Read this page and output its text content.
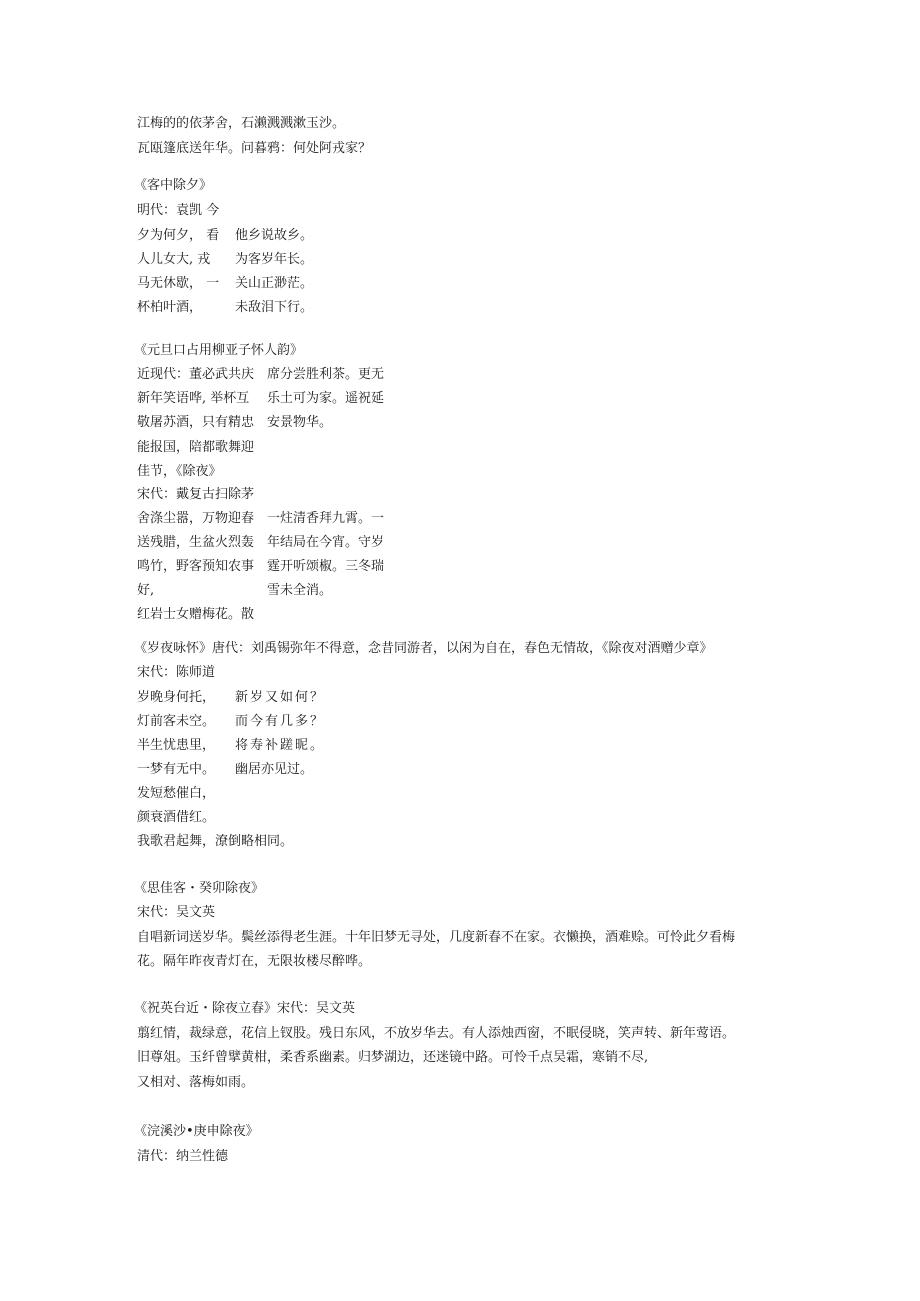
江梅的的依茅舍，石濑溅溅漱玉沙。
瓦瓯篷底送年华。问暮鸦：何处阿戎家？
《客中除夕》
明代：袁凯 今
夕为何夕， 看
人儿女大, 戎
马无休歇， 一
杯柏叶酒，
他乡说故乡。
为客岁年长。
关山正渺茫。
未敌泪下行。
《元旦口占用柳亚子怀人韵》
近现代：董必武共庆
新年笑语哗, 举杯互
敬屠苏酒，只有精忠
能报国，陪都歌舞迎
佳节，《除夜》
宋代：戴复古扫除茅
舍涤尘嚣，万物迎春
送残腊，生盆火烈轰
鸣竹，野客预知农事
好,
红岩士女赠梅花。散
席分尝胜利茶。更无
乐土可为家。遥祝延
安景物华。
一炷清香拜九霄。一
年结局在今宵。守岁
霆开听颂椒。三冬瑞
雪未全消。
《岁夜咏怀》唐代：刘禹锡弥年不得意，念昔同游者，以闲为自在，春色无情故，《除夜对酒赠少章》
宋代：陈师道
岁晚身何托，
灯前客未空。
半生忧患里，
一梦有无中。
发短愁催白，
颜衰酒借红。
我歌君起舞，潦倒略相同。
新岁又如何？
而今有几多？
将寿补蹉昵。
幽居亦见过。
《思佳客・癸卯除夜》
宋代：吴文英
自唱新词送岁华。鬓丝添得老生涯。十年旧梦无寻处，几度新春不在家。衣懒换，酒难赊。可怜此夕看梅
花。隔年昨夜青灯在，无限妆楼尽醉哗。
《祝英台近・除夜立春》宋代：吴文英
翦红情，裁绿意，花信上钗股。残日东风，不放岁华去。有人添烛西窗，不眠侵晓，笑声转、新年莺语。
旧尊俎。玉纤曾擘黄柑，柔香系幽素。归梦湖边，还迷镜中路。可怜千点吴霜，寒销不尽,
又相对、落梅如雨。
《浣溪沙•庚申除夜》
清代：纳兰性德
